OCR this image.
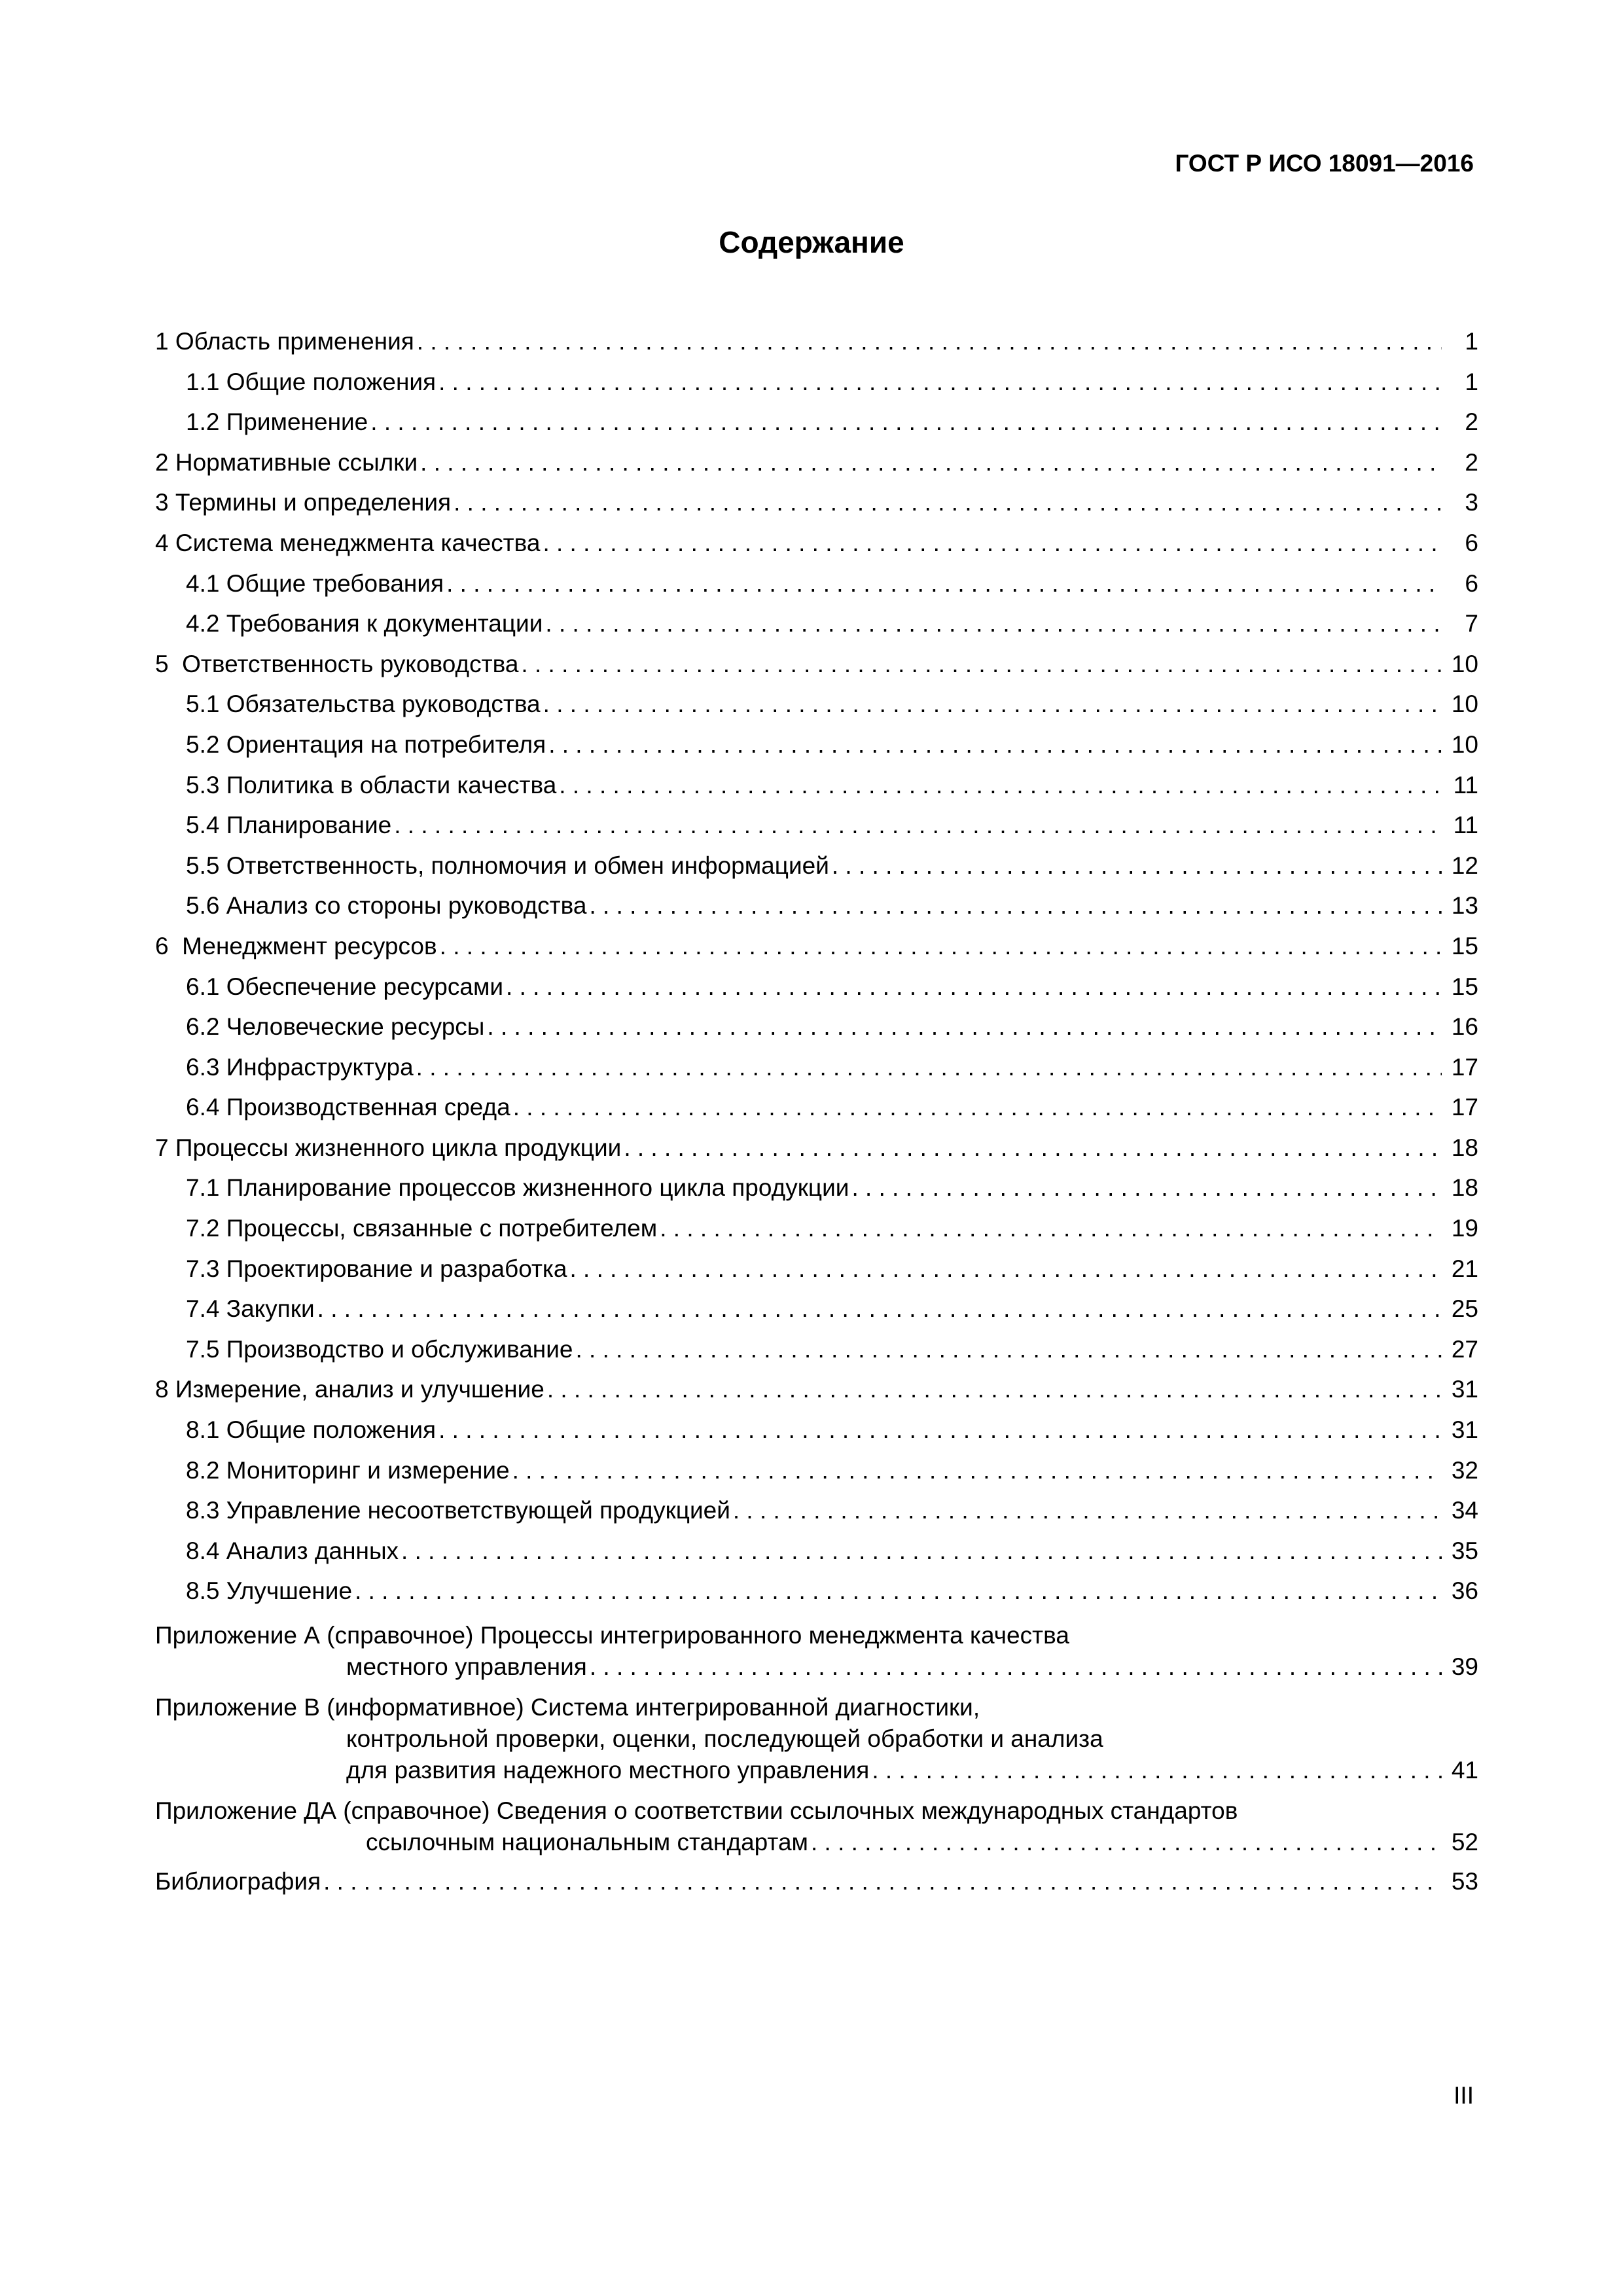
ГОСТ Р ИСО 18091—2016
Содержание
1 Область применения . . .	1
1.1 Общие положения . . .	1
1.2 Применение . . .	2
2 Нормативные ссылки . . .	2
3 Термины и определения . . .	3
4 Система менеджмента качества . . .	6
4.1 Общие требования . . .	6
4.2 Требования к документации . . .	7
5  Ответственность руководства . . .	10
5.1 Обязательства руководства . . .	10
5.2 Ориентация на потребителя . . .	10
5.3 Политика в области качества . . .	11
5.4 Планирование . . .	11
5.5 Ответственность, полномочия и обмен информацией . . .	12
5.6 Анализ со стороны руководства . . .	13
6  Менеджмент ресурсов . . .	15
6.1 Обеспечение ресурсами . . .	15
6.2 Человеческие ресурсы . . .	16
6.3 Инфраструктура . . .	17
6.4 Производственная среда . . .	17
7 Процессы жизненного цикла продукции . . .	18
7.1 Планирование процессов жизненного цикла продукции . . .	18
7.2 Процессы, связанные с потребителем . . .	19
7.3 Проектирование и разработка . . .	21
7.4 Закупки . . .	25
7.5 Производство и обслуживание . . .	27
8 Измерение, анализ и улучшение . . .	31
8.1 Общие положения . . .	31
8.2 Мониторинг и измерение . . .	32
8.3 Управление несоответствующей продукцией . . .	34
8.4 Анализ данных . . .	35
8.5 Улучшение . . .	36
Приложение А (справочное) Процессы интегрированного менеджмента качества
местного управления . . .	39
Приложение В (информативное) Система интегрированной диагностики,
контрольной проверки, оценки, последующей обработки и анализа
для развития надежного местного управления . . .	41
Приложение ДА (справочное) Сведения о соответствии ссылочных международных стандартов
ссылочным национальным стандартам . . .	52
Библиография . . .	53
III
